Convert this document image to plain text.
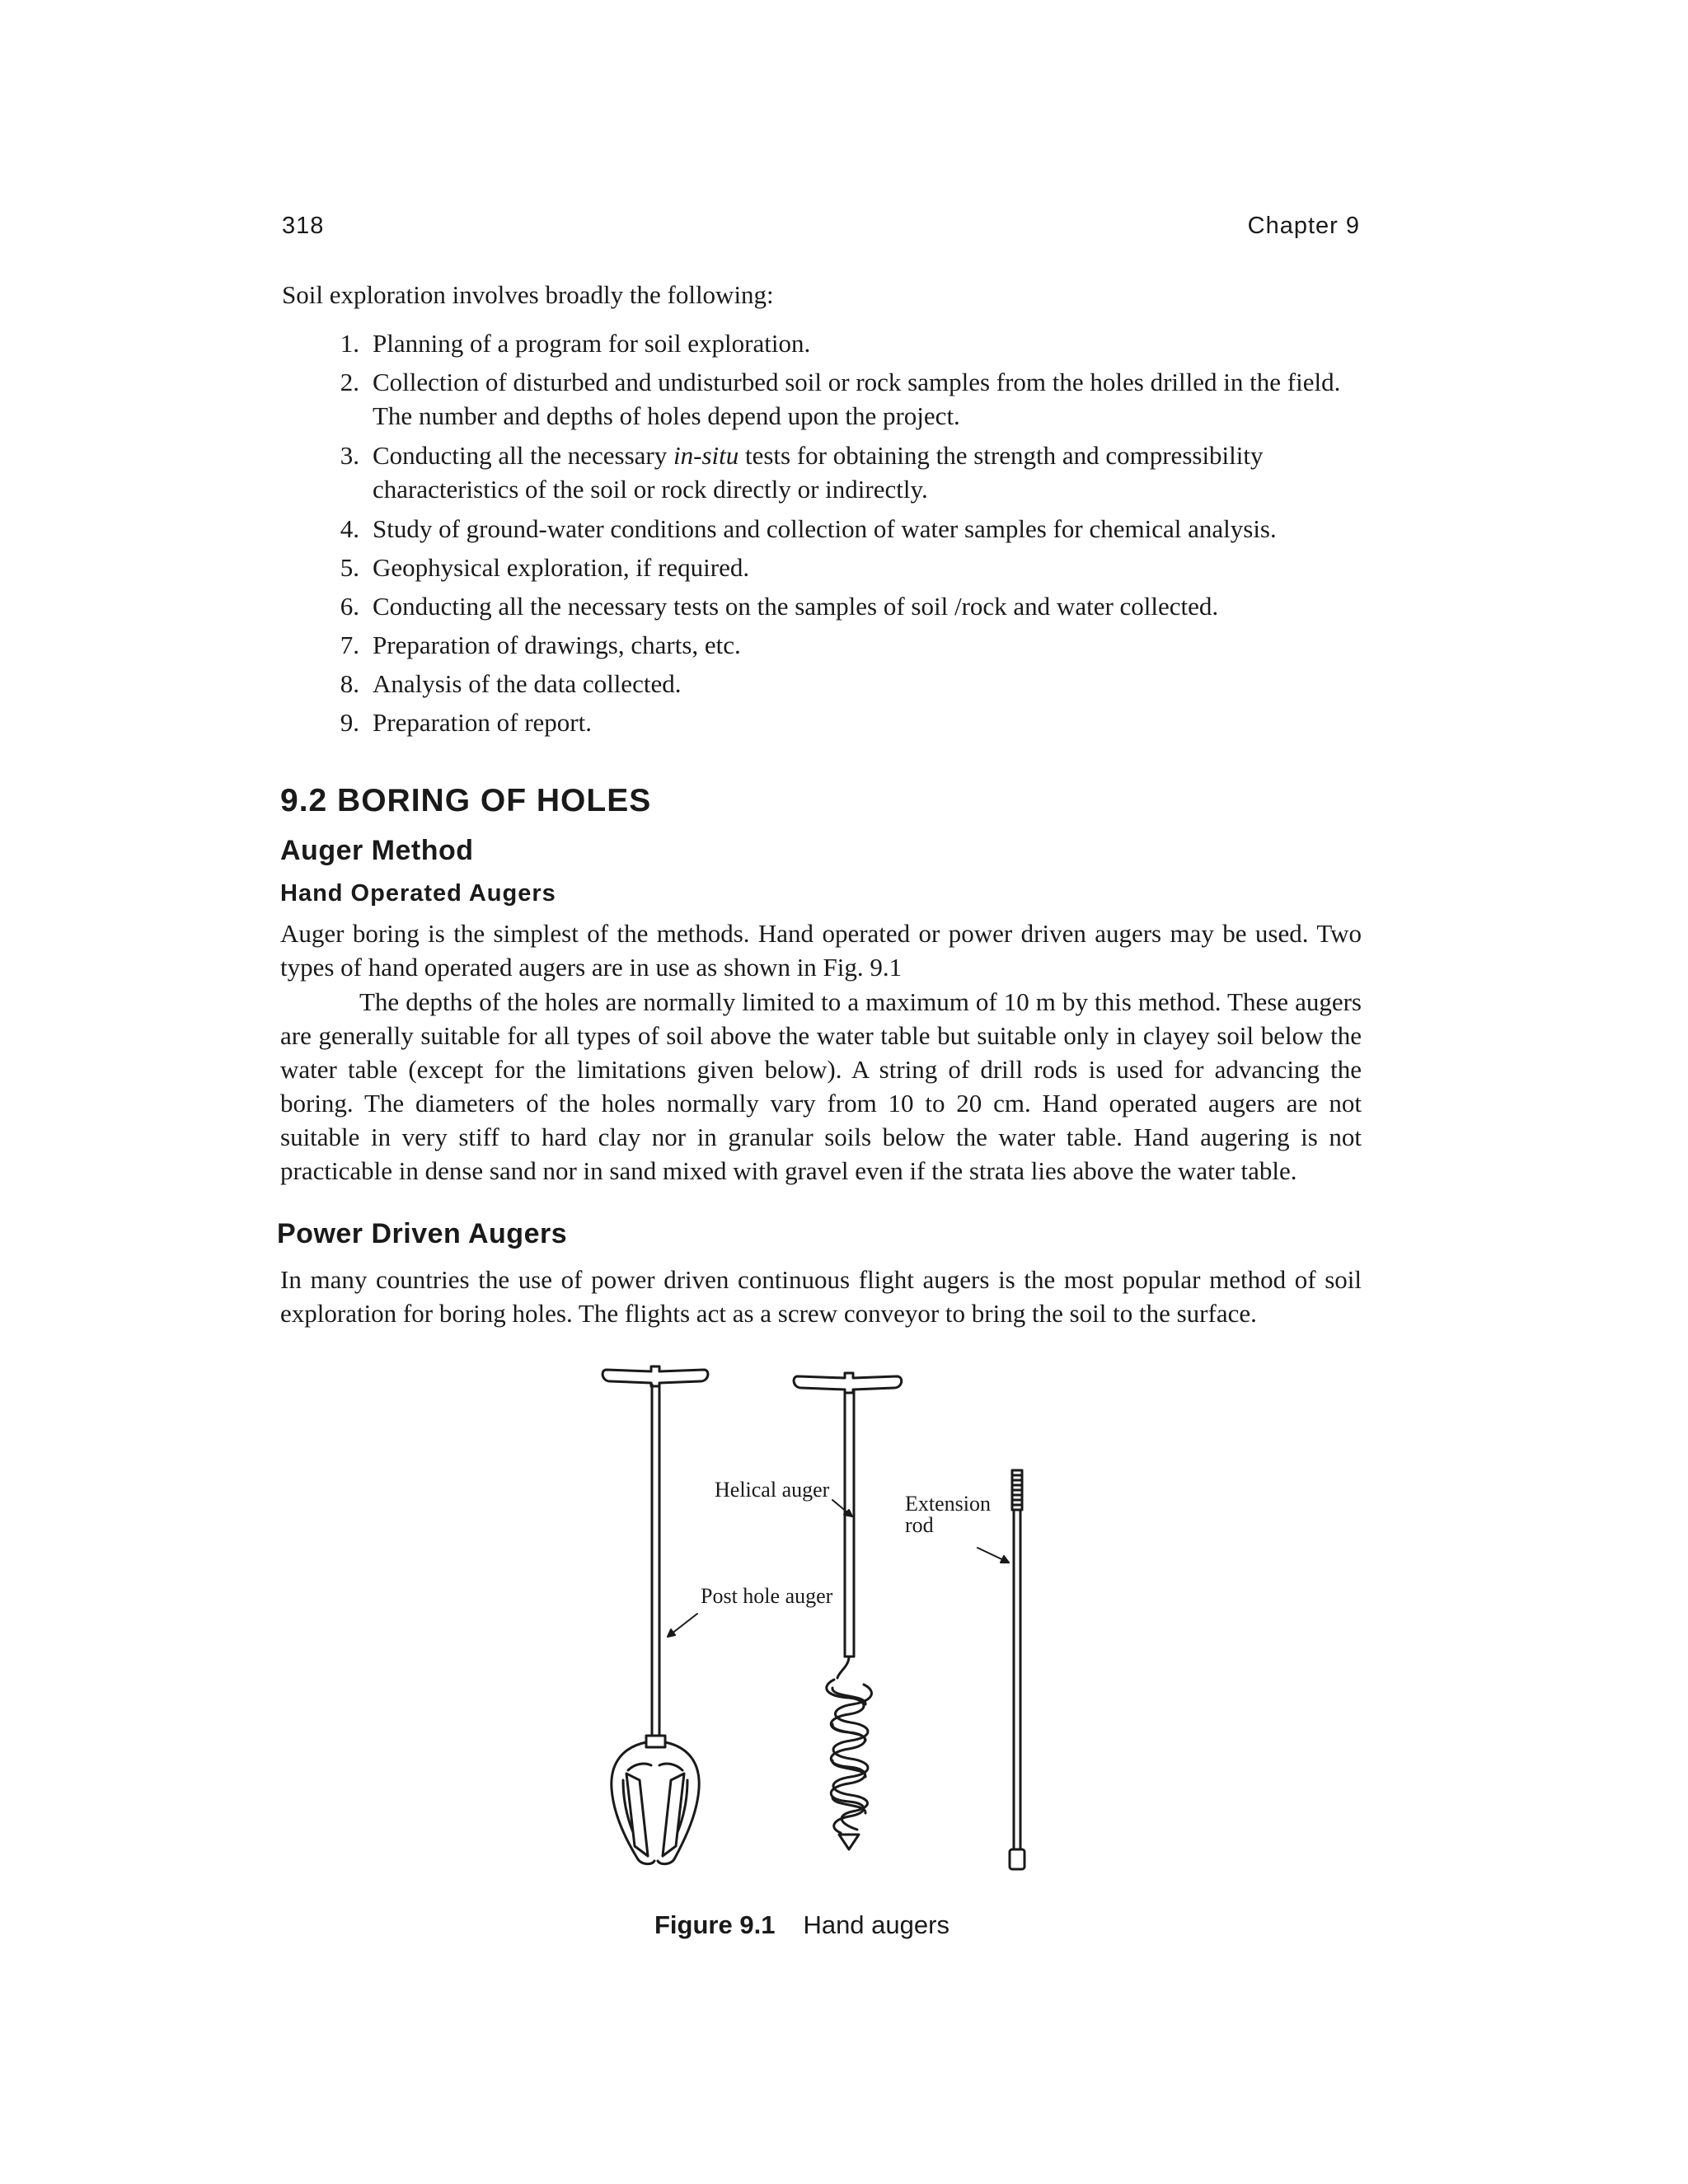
318	Chapter 9
Soil exploration involves broadly the following:
1. Planning of a program for soil exploration.
2. Collection of disturbed and undisturbed soil or rock samples from the holes drilled in the field. The number and depths of holes depend upon the project.
3. Conducting all the necessary in-situ tests for obtaining the strength and compressibility characteristics of the soil or rock directly or indirectly.
4. Study of ground-water conditions and collection of water samples for chemical analysis.
5. Geophysical exploration, if required.
6. Conducting all the necessary tests on the samples of soil /rock and water collected.
7. Preparation of drawings, charts, etc.
8. Analysis of the data collected.
9. Preparation of report.
9.2 BORING OF HOLES
Auger Method
Hand Operated Augers

Auger boring is the simplest of the methods. Hand operated or power driven augers may be used. Two types of hand operated augers are in use as shown in Fig. 9.1

The depths of the holes are normally limited to a maximum of 10 m by this method. These augers are generally suitable for all types of soil above the water table but suitable only in clayey soil below the water table (except for the limitations given below). A string of drill rods is used for advancing the boring. The diameters of the holes normally vary from 10 to 20 cm. Hand operated augers are not suitable in very stiff to hard clay nor in granular soils below the water table. Hand augering is not practicable in dense sand nor in sand mixed with gravel even if the strata lies above the water table.

Power Driven Augers

In many countries the use of power driven continuous flight augers is the most popular method of soil exploration for boring holes. The flights act as a screw conveyor to bring the soil to the surface.

Helical auger
Extension
rod
Post hole auger
Figure 9.1 Hand augers
